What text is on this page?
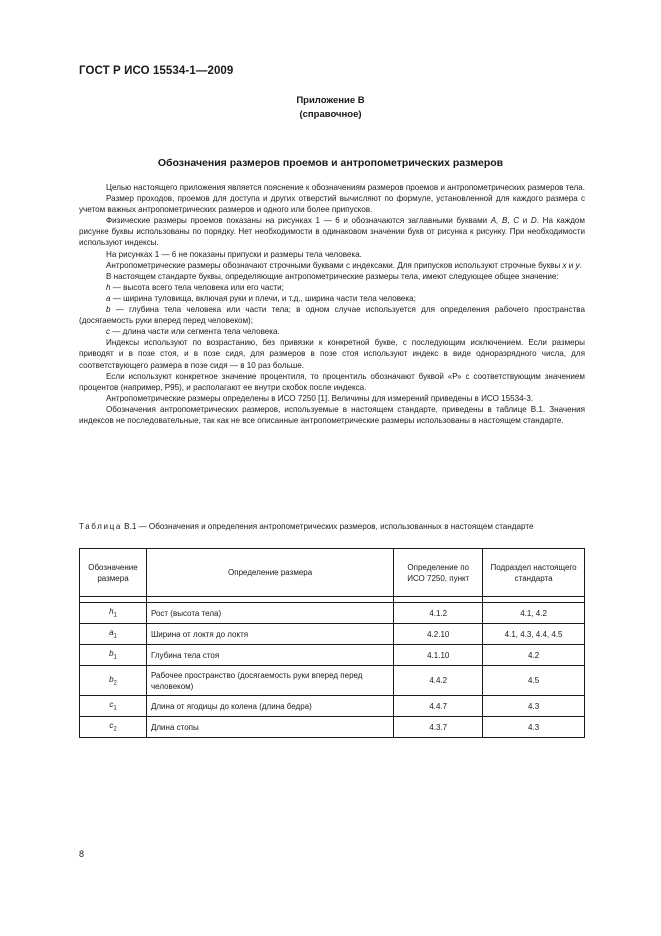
ГОСТ Р ИСО 15534-1—2009
Приложение В
(справочное)
Обозначения размеров проемов и антропометрических размеров

Целью настоящего приложения является пояснение к обозначениям размеров проемов и антропометрических размеров тела.

Размер проходов, проемов для доступа и других отверстий вычисляют по формуле, установленной для каждого размера с учетом важных антропометрических размеров и одного или более припусков.

Физические размеры проемов показаны на рисунках 1 — 6 и обозначаются заглавными буквами A, B, C и D. На каждом рисунке буквы использованы по порядку. Нет необходимости в одинаковом значении букв от рисунка к рисунку. При необходимости используют индексы.

На рисунках 1 — 6 не показаны припуски и размеры тела человека.

Антропометрические размеры обозначают строчными буквами с индексами. Для припусков используют строчные буквы x и y.

В настоящем стандарте буквы, определяющие антропометрические размеры тела, имеют следующее общее значение:

h — высота всего тела человека или его части;

a — ширина туловища, включая руки и плечи, и т.д., ширина части тела человека;

b — глубина тела человека или части тела; в одном случае используется для определения рабочего пространства (досягаемость руки вперед перед человеком);

c — длина части или сегмента тела человека.

Индексы используют по возрастанию, без привязки к конкретной букве, с последующим исключением. Если размеры приводят и в позе стоя, и в позе сидя, для размеров в позе стоя используют индекс в виде одноразрядного числа, для соответствующего размера в позе сидя — в 10 раз больше.

Если используют конкретное значение процентиля, то процентиль обозначают буквой «Р» с соответствующим значением процентов (например, Р95), и располагают ее внутри скобок после индекса.

Антропометрические размеры определены в ИСО 7250 [1]. Величины для измерений приведены в ИСО 15534-3.

Обозначения антропометрических размеров, используемые в настоящем стандарте, приведены в таблице В.1. Значения индексов не последовательные, так как не все описанные антропометрические размеры использованы в настоящем стандарте.

Таблица В.1 — Обозначения и определения антропометрических размеров, использованных в настоящем стандарте
Обозначение размера	Определение размера	Определение по ИСО 7250, пункт	Подраздел настоящего стандарта

$h_1$	Рост (высота тела)	4.1.2	4.1, 4.2
$a_1$	Ширина от локтя до локтя	4.2.10	4.1, 4.3, 4.4, 4.5
$b_1$	Глубина тела стоя	4.1.10	4.2
$b_2$	Рабочее пространство (досягаемость руки вперед перед человеком)	4.4.2	4.5
$c_1$	Длина от ягодицы до колена (длина бедра)	4.4.7	4.3
$c_2$	Длина стопы	4.3.7	4.3
8
